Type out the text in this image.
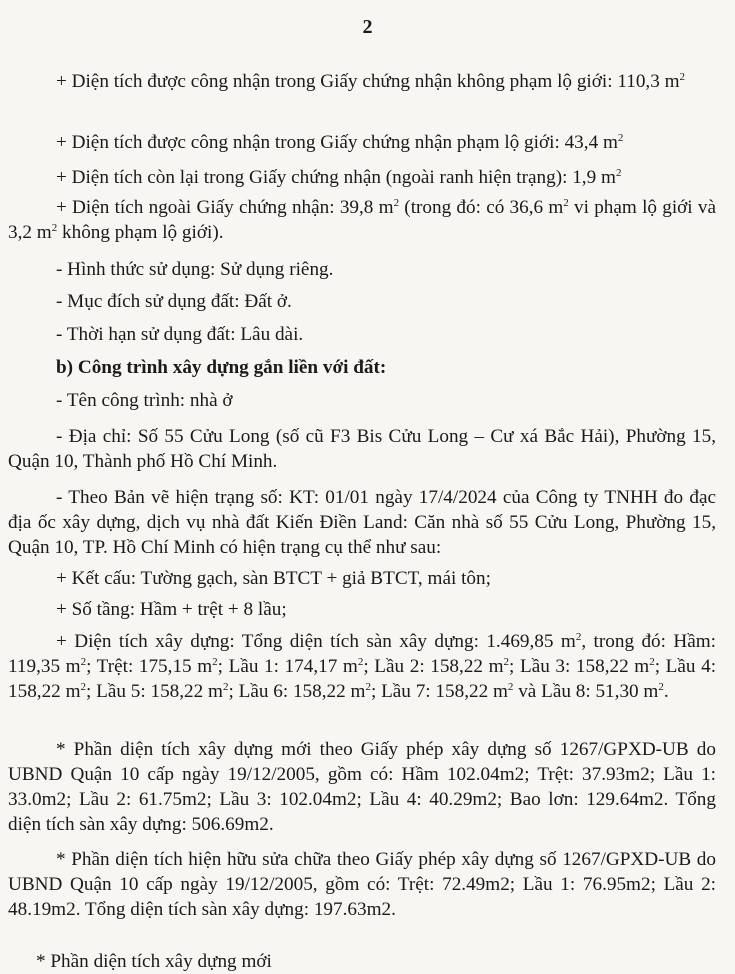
2

+ Diện tích được công nhận trong Giấy chứng nhận không phạm lộ giới: 110,3 $m^2$

+ Diện tích được công nhận trong Giấy chứng nhận phạm lộ giới: 43,4 $m^2$

+ Diện tích còn lại trong Giấy chứng nhận (ngoài ranh hiện trạng): 1,9 $m^2$

+ Diện tích ngoài Giấy chứng nhận: 39,8 $m^2$ (trong đó: có 36,6 $m^2$ vi phạm lộ giới và 3,2 $m^2$ không phạm lộ giới).

- Hình thức sử dụng: Sử dụng riêng.

- Mục đích sử dụng đất: Đất ở.

- Thời hạn sử dụng đất: Lâu dài.

b) Công trình xây dựng gắn liền với đất:

- Tên công trình: nhà ở

- Địa chỉ: Số 55 Cửu Long (số cũ F3 Bis Cửu Long – Cư xá Bắc Hải), Phường 15, Quận 10, Thành phố Hồ Chí Minh.

- Theo Bản vẽ hiện trạng số: KT: 01/01 ngày 17/4/2024 của Công ty TNHH đo đạc địa ốc xây dựng, dịch vụ nhà đất Kiến Điền Land: Căn nhà số 55 Cửu Long, Phường 15, Quận 10, TP. Hồ Chí Minh có hiện trạng cụ thể như sau:

+ Kết cấu: Tường gạch, sàn BTCT + giả BTCT, mái tôn;

+ Số tầng: Hầm + trệt + 8 lầu;

+ Diện tích xây dựng: Tổng diện tích sàn xây dựng: 1.469,85 $m^2$, trong đó: Hầm: 119,35 $m^2$; Trệt: 175,15 $m^2$; Lầu 1: 174,17 $m^2$; Lầu 2: 158,22 $m^2$; Lầu 3: 158,22 $m^2$; Lầu 4: 158,22 $m^2$; Lầu 5: 158,22 $m^2$; Lầu 6: 158,22 $m^2$; Lầu 7: 158,22 $m^2$ và Lầu 8: 51,30 $m^2$.

* Phần diện tích xây dựng mới theo Giấy phép xây dựng số 1267/GPXD-UB do UBND Quận 10 cấp ngày 19/12/2005, gồm có: Hầm 102.04m2; Trệt: 37.93m2; Lầu 1: 33.0m2; Lầu 2: 61.75m2; Lầu 3: 102.04m2; Lầu 4: 40.29m2; Bao lơn: 129.64m2. Tổng diện tích sàn xây dựng: 506.69m2.

* Phần diện tích hiện hữu sửa chữa theo Giấy phép xây dựng số 1267/GPXD-UB do UBND Quận 10 cấp ngày 19/12/2005, gồm có: Trệt: 72.49m2; Lầu 1: 76.95m2; Lầu 2: 48.19m2. Tổng diện tích sàn xây dựng: 197.63m2.

* Phần diện tích xây dựng mới
